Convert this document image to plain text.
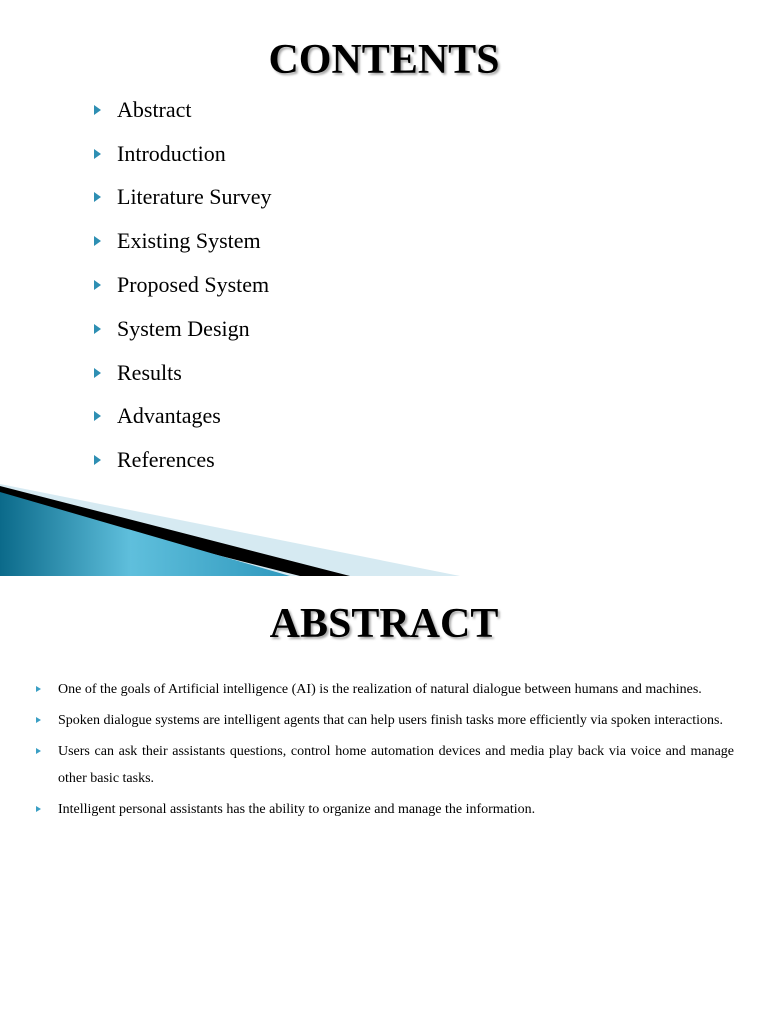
CONTENTS
Abstract
Introduction
Literature Survey
Existing System
Proposed System
System Design
Results
Advantages
References
ABSTRACT
One of the goals of Artificial intelligence (AI) is the realization of natural dialogue between humans and machines.
Spoken dialogue systems are intelligent agents that can help users finish tasks more efficiently via spoken interactions.
Users can ask their assistants questions, control home automation devices and media play back via voice and manage other basic tasks.
Intelligent personal assistants has the ability to organize and manage the information.
